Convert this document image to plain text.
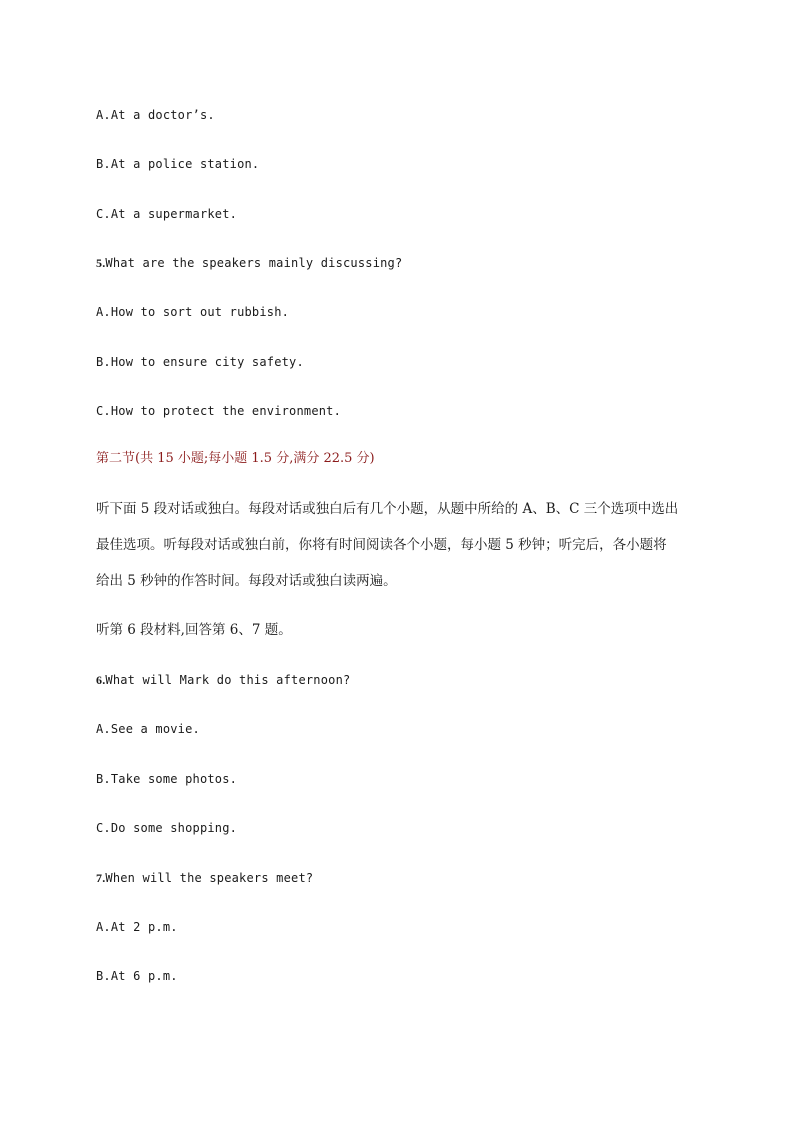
A.At a doctor’s.
B.At a police station.
C.At a supermarket.
5.What are the speakers mainly discussing?
A.How to sort out rubbish.
B.How to ensure city safety.
C.How to protect the environment.
第二节(共 15 小题;每小题 1.5 分,满分 22.5 分)
听下面 5 段对话或独白。每段对话或独白后有几个小题，从题中所给的 A、B、C 三个选项中选出
最佳选项。听每段对话或独白前，你将有时间阅读各个小题，每小题 5 秒钟；听完后，各小题将
给出 5 秒钟的作答时间。每段对话或独白读两遍。
听第 6 段材料,回答第 6、7 题。
6.What will Mark do this afternoon?
A.See a movie.
B.Take some photos.
C.Do some shopping.
7.When will the speakers meet?
A.At 2 p.m.
B.At 6 p.m.
